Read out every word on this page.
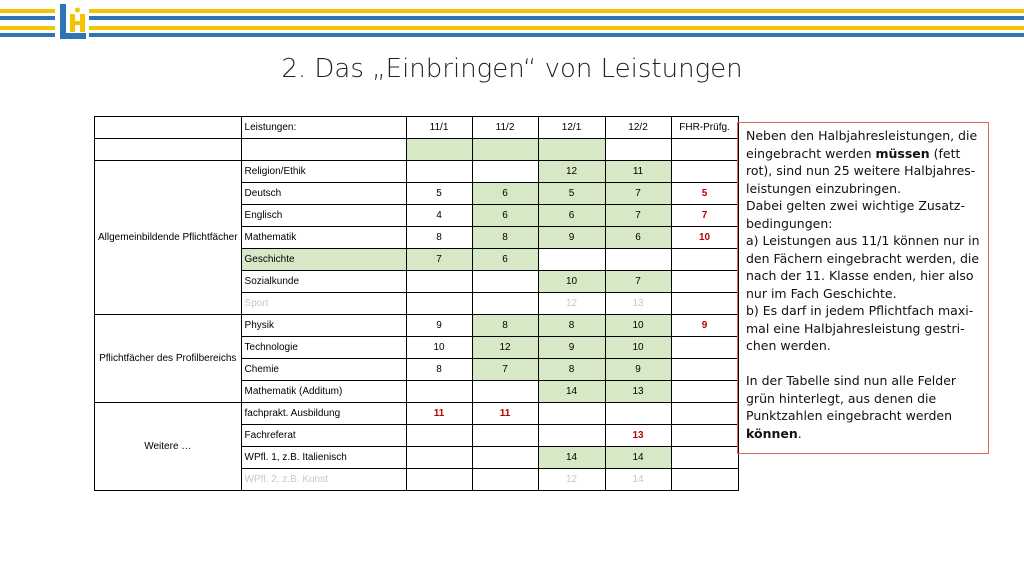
2. Das „Einbringen“ von Leistungen
	Leistungen:	11/1	11/2	12/1	12/2	FHR-Prüfg.

Allgemeinbildende Pflichtfächer	Religion/Ethik			12	11	
	Deutsch	5	6	5	7	5
	Englisch	4	6	6	7	7
	Mathematik	8	8	9	6	10
	Geschichte	7	6			
	Sozialkunde			10	7	
	Sport			12	13	
Pflichtfächer des Profilbereichs	Physik	9	8	8	10	9
	Technologie	10	12	9	10	
	Chemie	8	7	8	9	
	Mathematik (Additum)			14	13	
Weitere …	fachprakt. Ausbildung	11	11			
	Fachreferat				13	
	WPfl. 1, z.B. Italienisch			14	14	
	WPfl. 2, z.B. Kunst			12	14	

Neben den Halbjahresleistungen, die eingebracht werden müssen (fett rot), sind nun 25 weitere Halbjahres-leistungen einzubringen.

Dabei gelten zwei wichtige Zusatz-bedingungen:

a) Leistungen aus 11/1 können nur in den Fächern eingebracht werden, die nach der 11. Klasse enden, hier also nur im Fach Geschichte.

b) Es darf in jedem Pflichtfach maxi-mal eine Halbjahresleistung gestri-chen werden.

In der Tabelle sind nun alle Felder grün hinterlegt, aus denen die Punktzahlen eingebracht werden können.
